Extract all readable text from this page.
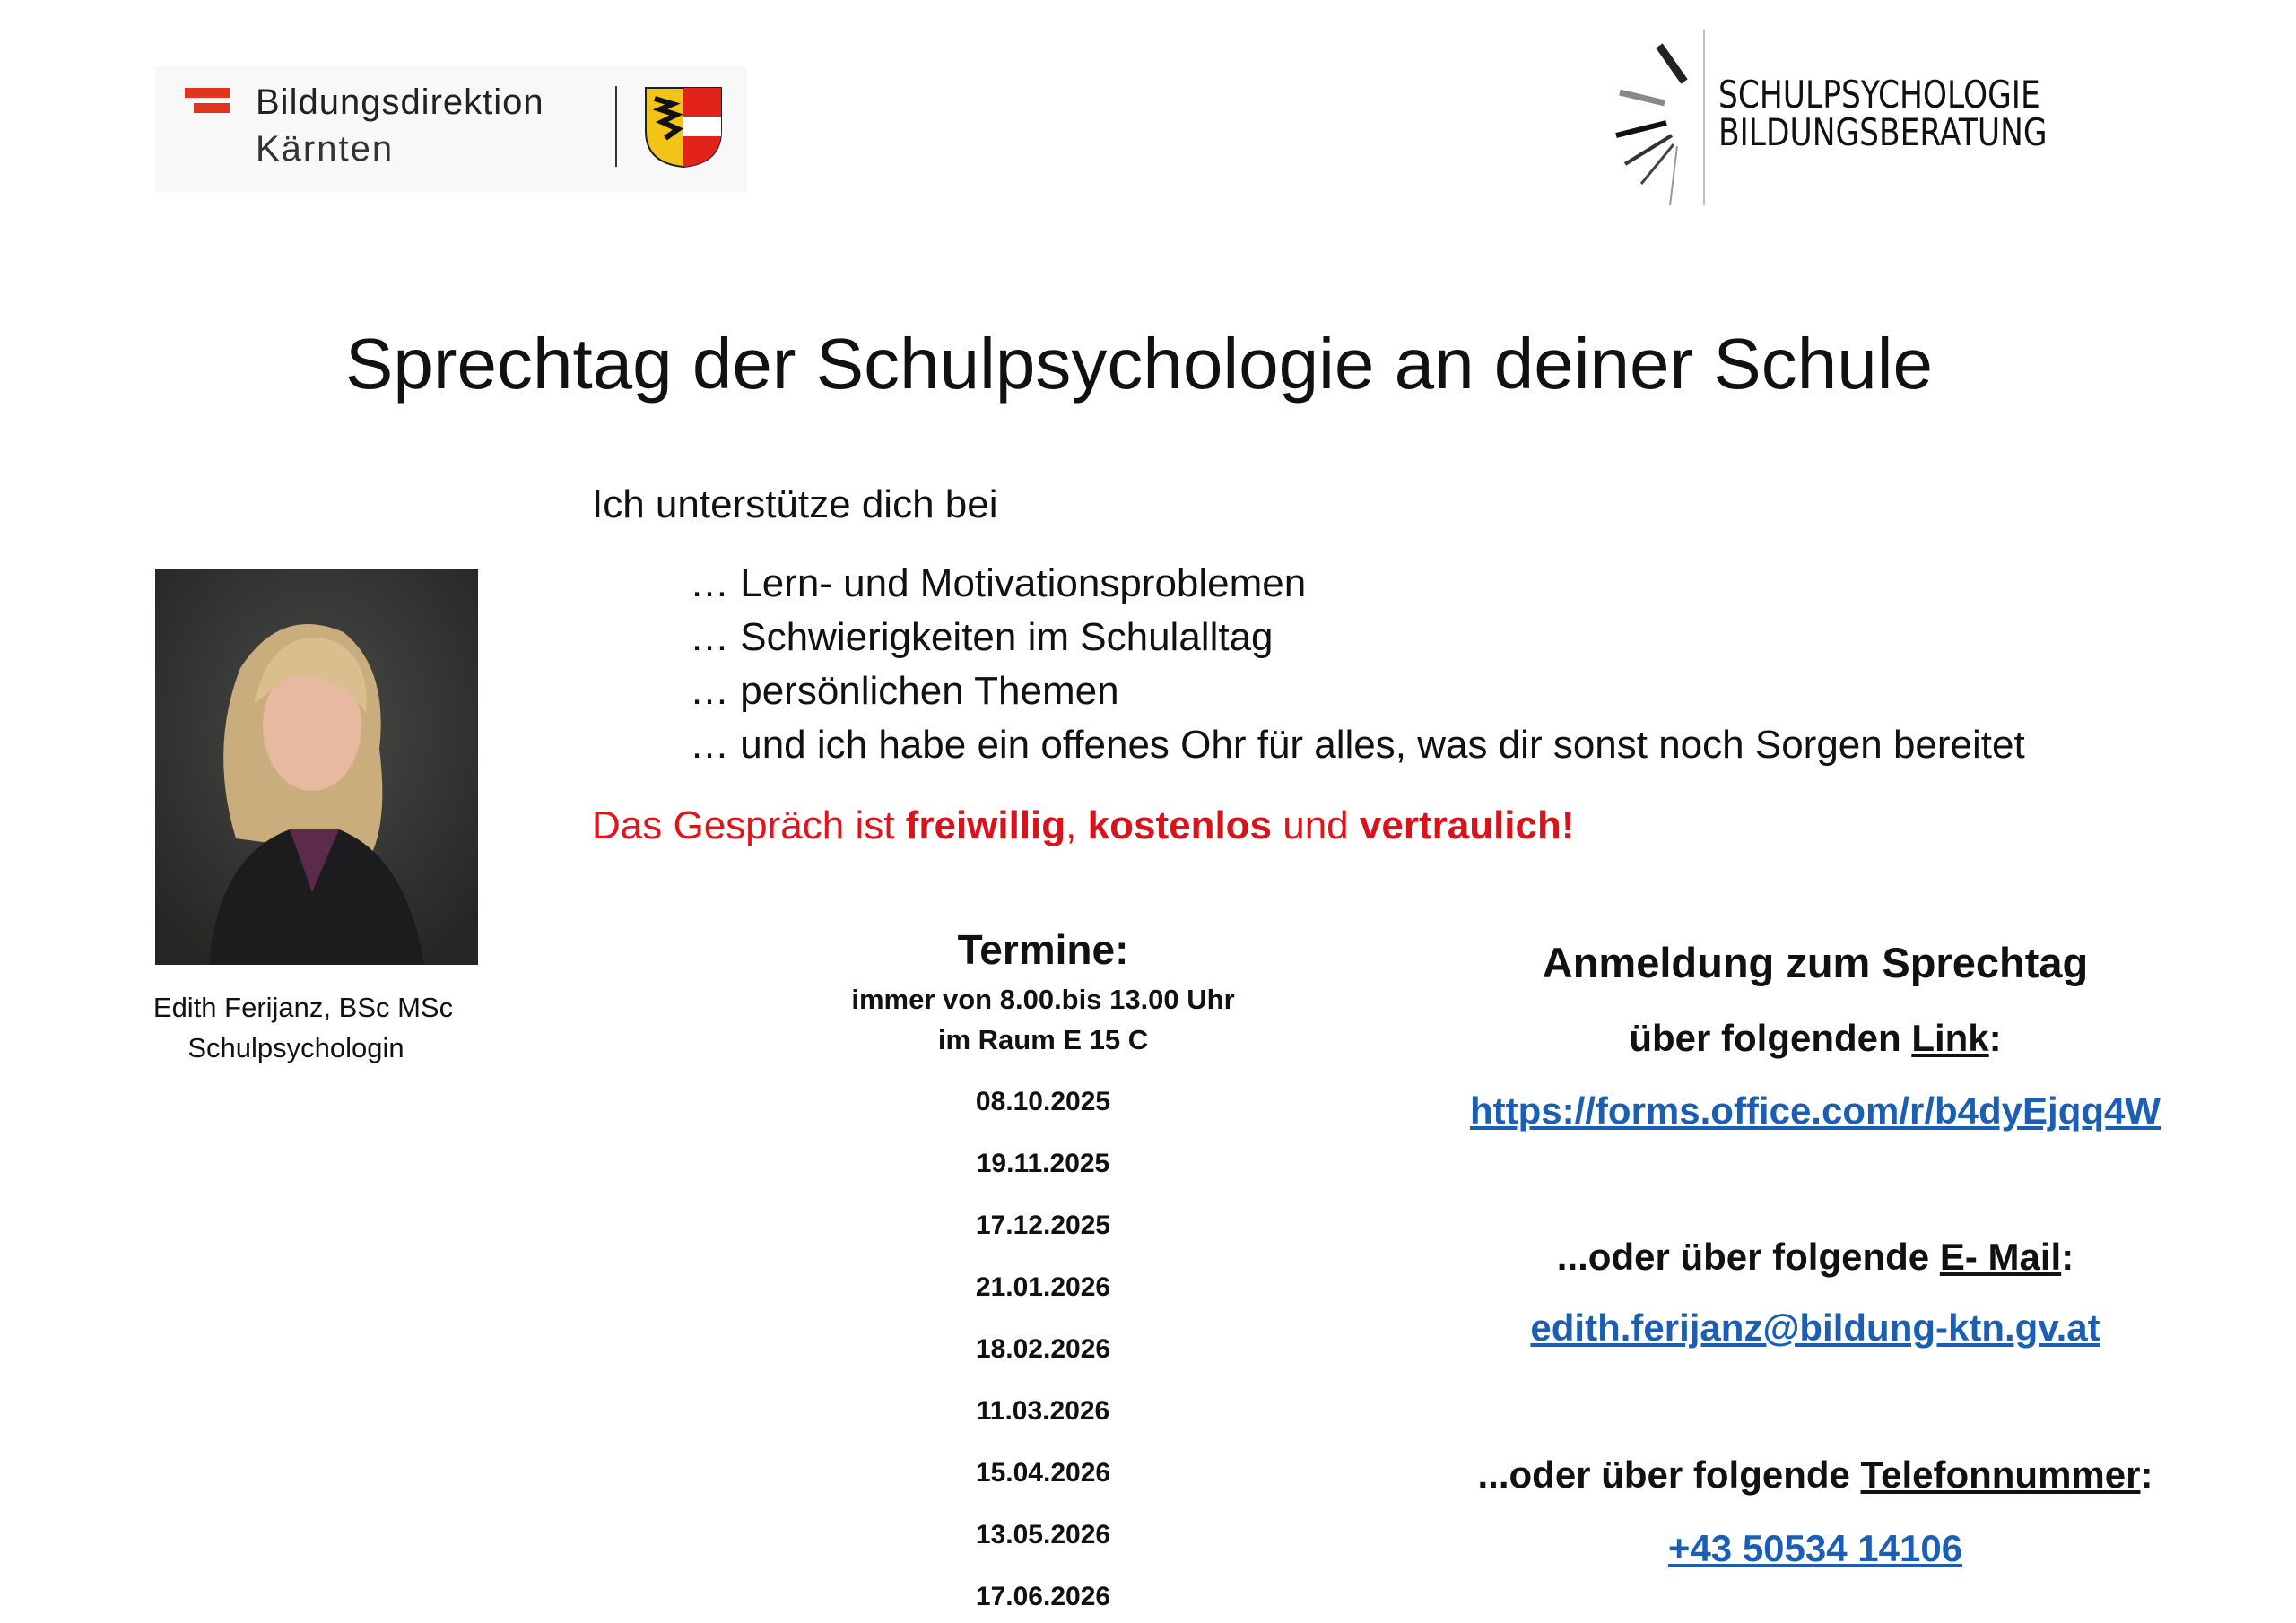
Bildungsdirektion
Kärnten
SCHULPSYCHOLOGIE
BILDUNGSBERATUNG
Sprechtag der Schulpsychologie an deiner Schule
Ich unterstütze dich bei
… Lern- und Motivationsproblemen
… Schwierigkeiten im Schulalltag
… persönlichen Themen
… und ich habe ein offenes Ohr für alles, was dir sonst noch Sorgen bereitet
Das Gespräch ist freiwillig, kostenlos und vertraulich!
Edith Ferijanz, BSc MSc
Schulpsychologin
Termine:
immer von 8.00.bis 13.00 Uhr
im Raum E 15 C
08.10.2025
19.11.2025
17.12.2025
21.01.2026
18.02.2026
11.03.2026
15.04.2026
13.05.2026
17.06.2026
Anmeldung zum Sprechtag
über folgenden Link:
https://forms.office.com/r/b4dyEjqq4W
...oder über folgende E- Mail:
edith.ferijanz@bildung-ktn.gv.at
...oder über folgende Telefonnummer:
+43 50534 14106
